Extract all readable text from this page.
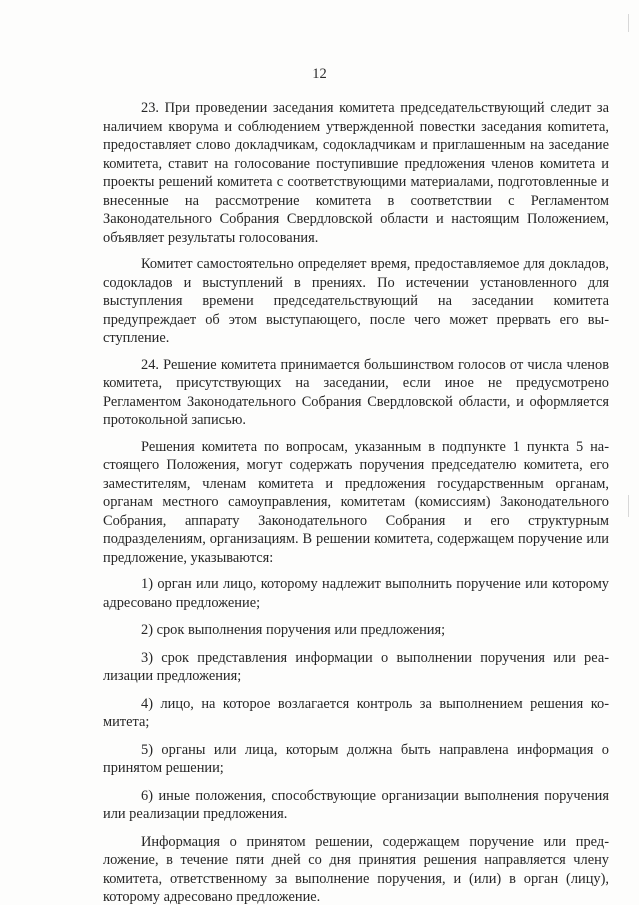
12

23. При проведении заседания комитета председательствующий следит за наличием кворума и соблюдением утвержденной повестки заседания коmитета, предоставляет слово докладчикам, содокладчикам и приглашенным на заседание комитета, ставит на голосование поступившие предложения членов комитета и проекты решений комитета с соответствующими материалами, подготовленные и внесенные на рассмотрение комитета в соответствии с Регламентом Законодательного Собрания Свердловской области и настоящим Положением, объявляет результаты голосования.

Комитет самостоятельно определяет время, предоставляемое для докладов, содокладов и выступлений в прениях. По истечении установленного для выступления времени председательствующий на заседании комитета предупреждает об этом выступающего, после чего может прервать его выступление.

24. Решение комитета принимается большинством голосов от числа членов комитета, присутствующих на заседании, если иное не предусмотрено Регламентом Законодательного Собрания Свердловской области, и оформляется протокольной записью.

Решения комитета по вопросам, указанным в подпункте 1 пункта 5 настоящего Положения, могут содержать поручения председателю комитета, его заместителям, членам комитета и предложения государственным органам, органам местного самоуправления, комитетам (комиссиям) Законодательного Собрания, аппарату Законодательного Собрания и его структурным подразделениям, организациям. В решении комитета, содержащем поручение или предложение, указываются:

1) орган или лицо, которому надлежит выполнить поручение или которому адресовано предложение;

2) срок выполнения поручения или предложения;

3) срок представления информации о выполнении поручения или реализации предложения;

4) лицо, на которое возлагается контроль за выполнением решения комитета;

5) органы или лица, которым должна быть направлена информация о принятом решении;

6) иные положения, способствующие организации выполнения поручения или реализации предложения.

Информация о принятом решении, содержащем поручение или предложение, в течение пяти дней со дня принятия решения направляется члену комитета, ответственному за выполнение поручения, и (или) в орган (лицу), которому адресовано предложение.
